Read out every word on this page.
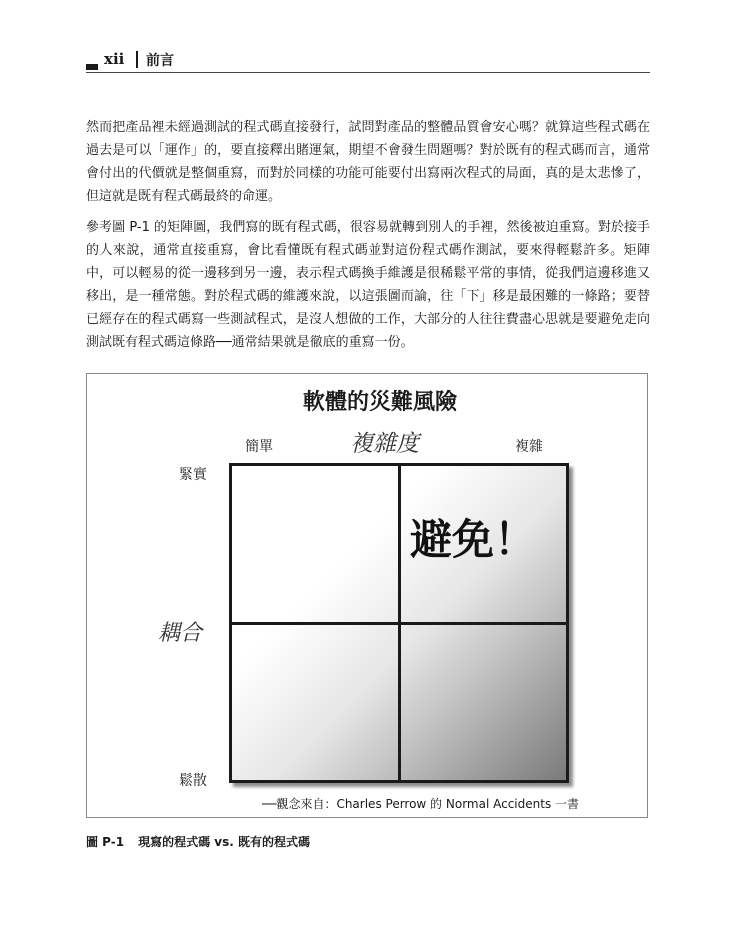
xii 前言

然而把產品裡未經過測試的程式碼直接發行，試問對產品的整體品質會安心嗎？就算這些程式碼在過去是可以「運作」的，要直接釋出賭運氣，期望不會發生問題嗎？對於既有的程式碼而言，通常會付出的代價就是整個重寫，而對於同樣的功能可能要付出寫兩次程式的局面，真的是太悲慘了，但這就是既有程式碼最終的命運。

參考圖 P-1 的矩陣圖，我們寫的既有程式碼，很容易就轉到別人的手裡，然後被迫重寫。對於接手的人來說，通常直接重寫，會比看懂既有程式碼並對這份程式碼作測試，要來得輕鬆許多。矩陣中，可以輕易的從一邊移到另一邊，表示程式碼換手維護是很稀鬆平常的事情，從我們這邊移進又移出，是一種常態。對於程式碼的維護來說，以這張圖而論，往「下」移是最困難的一條路；要替已經存在的程式碼寫一些測試程式，是沒人想做的工作，大部分的人往往費盡心思就是要避免走向測試既有程式碼這條路──通常結果就是徹底的重寫一份。

軟體的災難風險
簡單	複雜度	複雜
緊實
耦合
鬆散
避免！
──觀念來自：Charles Perrow 的 Normal Accidents 一書
圖 P-1 現寫的程式碼 vs. 既有的程式碼
